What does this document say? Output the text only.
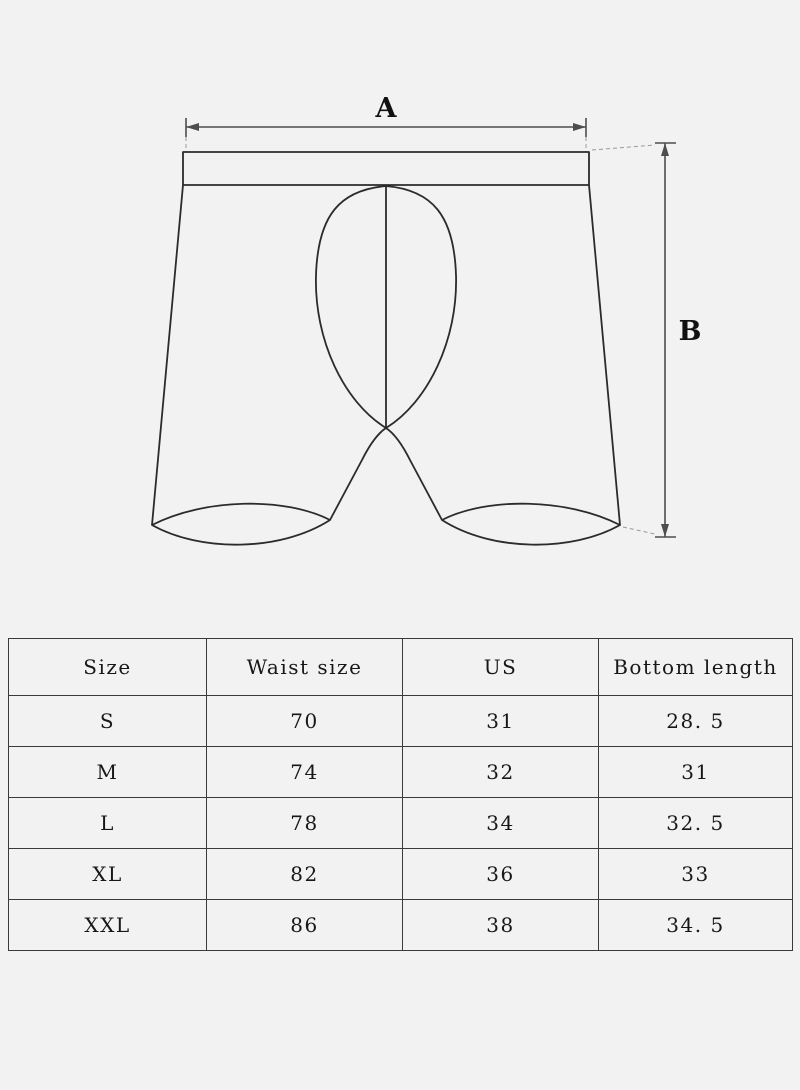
A
B
Size	Waist size	US	Bottom length
S	70	31	28. 5
M	74	32	31
L	78	34	32. 5
XL	82	36	33
XXL	86	38	34. 5
